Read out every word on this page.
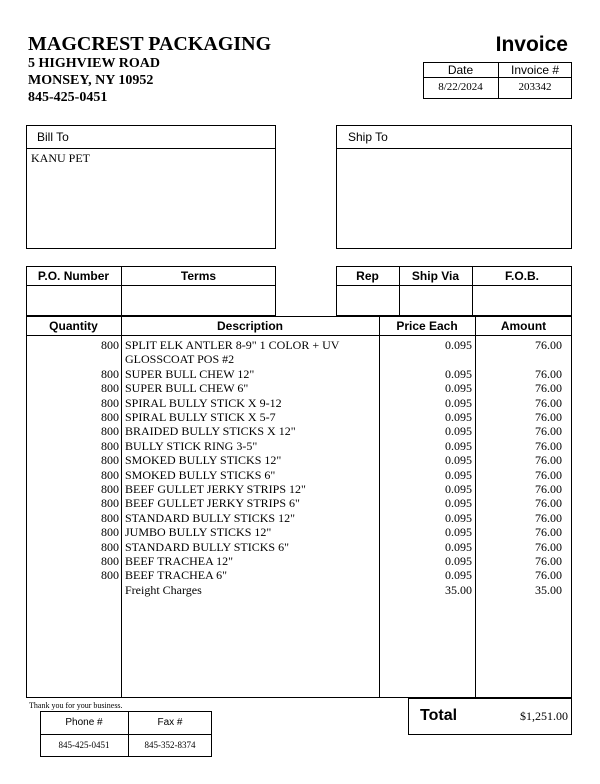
MAGCREST PACKAGING
5 HIGHVIEW ROAD
MONSEY, NY 10952
845-425-0451
Invoice
Date	Invoice #
8/22/2024	203342
Bill To
KANU PET
Ship To
P.O. Number	Terms	Rep	Ship Via	F.O.B.
Quantity	Description	Price Each	Amount
800 SPLIT ELK ANTLER 8-9" 1 COLOR + UV	0.095	76.00
GLOSSCOAT POS #2
800 SUPER BULL CHEW 12"	0.095	76.00
800 SUPER BULL CHEW 6"	0.095	76.00
800 SPIRAL BULLY STICK X 9-12	0.095	76.00
800 SPIRAL BULLY STICK X 5-7	0.095	76.00
800 BRAIDED BULLY STICKS X 12"	0.095	76.00
800 BULLY STICK RING 3-5"	0.095	76.00
800 SMOKED BULLY STICKS 12"	0.095	76.00
800 SMOKED BULLY STICKS 6"	0.095	76.00
800 BEEF GULLET JERKY STRIPS 12"	0.095	76.00
800 BEEF GULLET JERKY STRIPS 6"	0.095	76.00
800 STANDARD BULLY STICKS 12"	0.095	76.00
800 JUMBO BULLY STICKS 12"	0.095	76.00
800 STANDARD BULLY STICKS 6"	0.095	76.00
800 BEEF TRACHEA 12"	0.095	76.00
800 BEEF TRACHEA 6"	0.095	76.00
Freight Charges	35.00	35.00
Thank you for your business.
Phone #	Fax #
845-425-0451	845-352-8374
Total	$1,251.00
